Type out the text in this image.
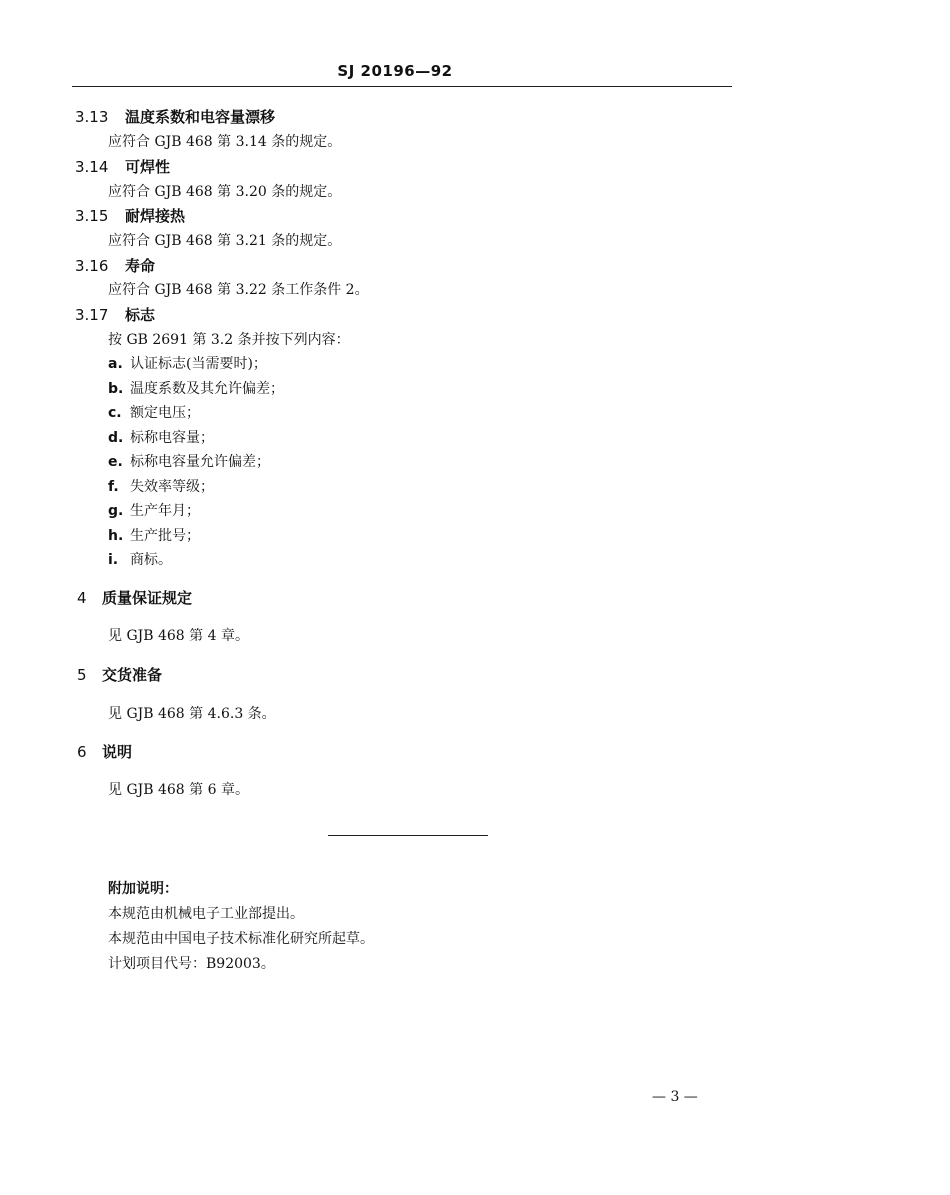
SJ 20196—92
3.13 温度系数和电容量漂移
应符合 GJB 468 第 3.14 条的规定。
3.14 可焊性
应符合 GJB 468 第 3.20 条的规定。
3.15 耐焊接热
应符合 GJB 468 第 3.21 条的规定。
3.16 寿命
应符合 GJB 468 第 3.22 条工作条件 2。
3.17 标志
按 GB 2691 第 3.2 条并按下列内容：
a. 认证标志(当需要时)；
b. 温度系数及其允许偏差；
c. 额定电压；
d. 标称电容量；
e. 标称电容量允许偏差；
f. 失效率等级；
g. 生产年月；
h. 生产批号；
i. 商标。
4 质量保证规定
见 GJB 468 第 4 章。
5 交货准备
见 GJB 468 第 4.6.3 条。
6 说明
见 GJB 468 第 6 章。
附加说明：
本规范由机械电子工业部提出。
本规范由中国电子技术标准化研究所起草。
计划项目代号：B92003。
— 3 —
